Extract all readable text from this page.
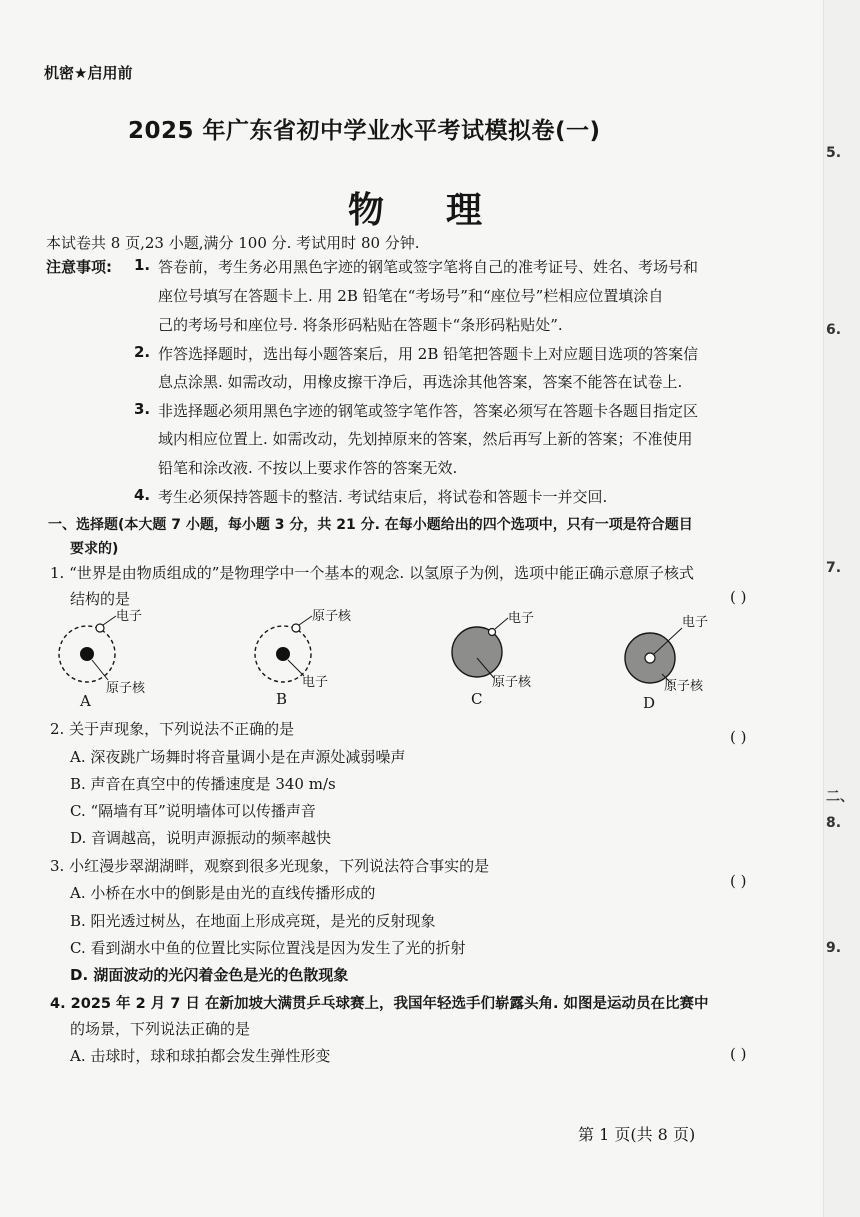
机密★启用前
2025 年广东省初中学业水平考试模拟卷(一)
物理
本试卷共 8 页,23 小题,满分 100 分. 考试用时 80 分钟.
注意事项: 1. 答卷前，考生务必用黑色字迹的钢笔或签字笔将自己的准考证号、姓名、考场号和
座位号填写在答题卡上. 用 2B 铅笔在“考场号”和“座位号”栏相应位置填涂自
己的考场号和座位号. 将条形码粘贴在答题卡“条形码粘贴处”.
2. 作答选择题时，选出每小题答案后，用 2B 铅笔把答题卡上对应题目选项的答案信
息点涂黑. 如需改动，用橡皮擦干净后，再选涂其他答案，答案不能答在试卷上.
3. 非选择题必须用黑色字迹的钢笔或签字笔作答，答案必须写在答题卡各题目指定区
域内相应位置上. 如需改动，先划掉原来的答案，然后再写上新的答案；不准使用
铅笔和涂改液. 不按以上要求作答的答案无效.
4. 考生必须保持答题卡的整洁. 考试结束后，将试卷和答题卡一并交回.
一、选择题(本大题 7 小题，每小题 3 分，共 21 分. 在每小题给出的四个选项中，只有一项是符合题目
要求的)
1. “世界是由物质组成的”是物理学中一个基本的观念. 以氢原子为例，选项中能正确示意原子核式
结构的是	( )
电子
原子核
A
原子核
电子
B
电子
原子核
C
电子
原子核
D
2. 关于声现象，下列说法不正确的是	( )
A. 深夜跳广场舞时将音量调小是在声源处减弱噪声
B. 声音在真空中的传播速度是 340 m/s
C. “隔墙有耳”说明墙体可以传播声音
D. 音调越高，说明声源振动的频率越快
3. 小红漫步翠湖湖畔，观察到很多光现象，下列说法符合事实的是
( )
A. 小桥在水中的倒影是由光的直线传播形成的
B. 阳光透过树丛，在地面上形成亮斑，是光的反射现象
C. 看到湖水中鱼的位置比实际位置浅是因为发生了光的折射
D. 湖面波动的光闪着金色是光的色散现象
4. 2025 年 2 月 7 日 在新加坡大满贯乒乓球赛上，我国年轻选手们崭露头角. 如图是运动员在比赛中
的场景，下列说法正确的是
A. 击球时，球和球拍都会发生弹性形变	( )
第 1 页(共 8 页)
5.
6.
7.
二、
8.
9.
